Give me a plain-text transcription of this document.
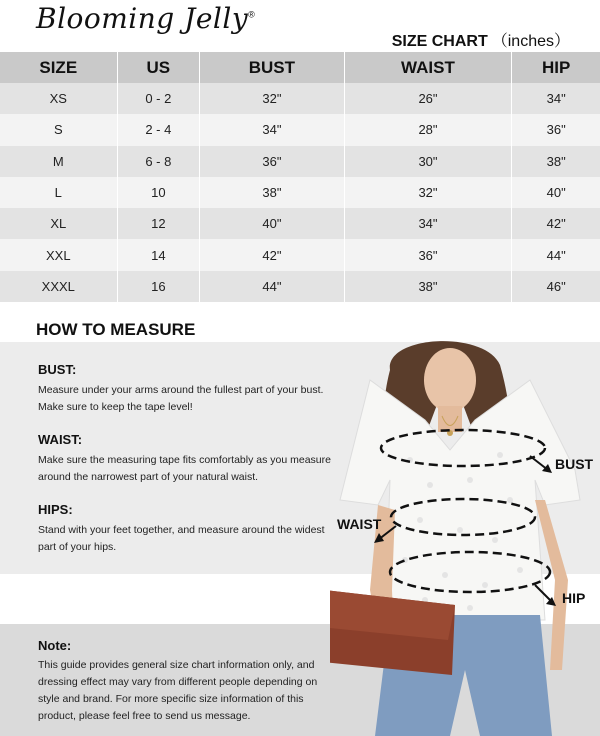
Blooming Jelly®
SIZE CHART （inches）
SIZE	US	BUST	WAIST	HIP
XS	0 - 2	32"	26"	34"
S	2 - 4	34"	28"	36"
M	6 - 8	36"	30"	38"
L	10	38"	32"	40"
XL	12	40"	34"	42"
XXL	14	42"	36"	44"
XXXL	16	44"	38"	46"
HOW TO MEASURE
BUST:
Measure under your arms around the fullest part of your bust. Make sure to keep the tape level!
WAIST:
Make sure the measuring tape fits comfortably as you measure around the narrowest part of your natural waist.
HIPS:
Stand with your feet together, and measure around the widest part of your hips.
Note:
This guide provides general size chart information only, and dressing effect may vary from different people depending on style and brand. For more specific size information of this product, please feel free to send us message.
BUST
WAIST
HIP
